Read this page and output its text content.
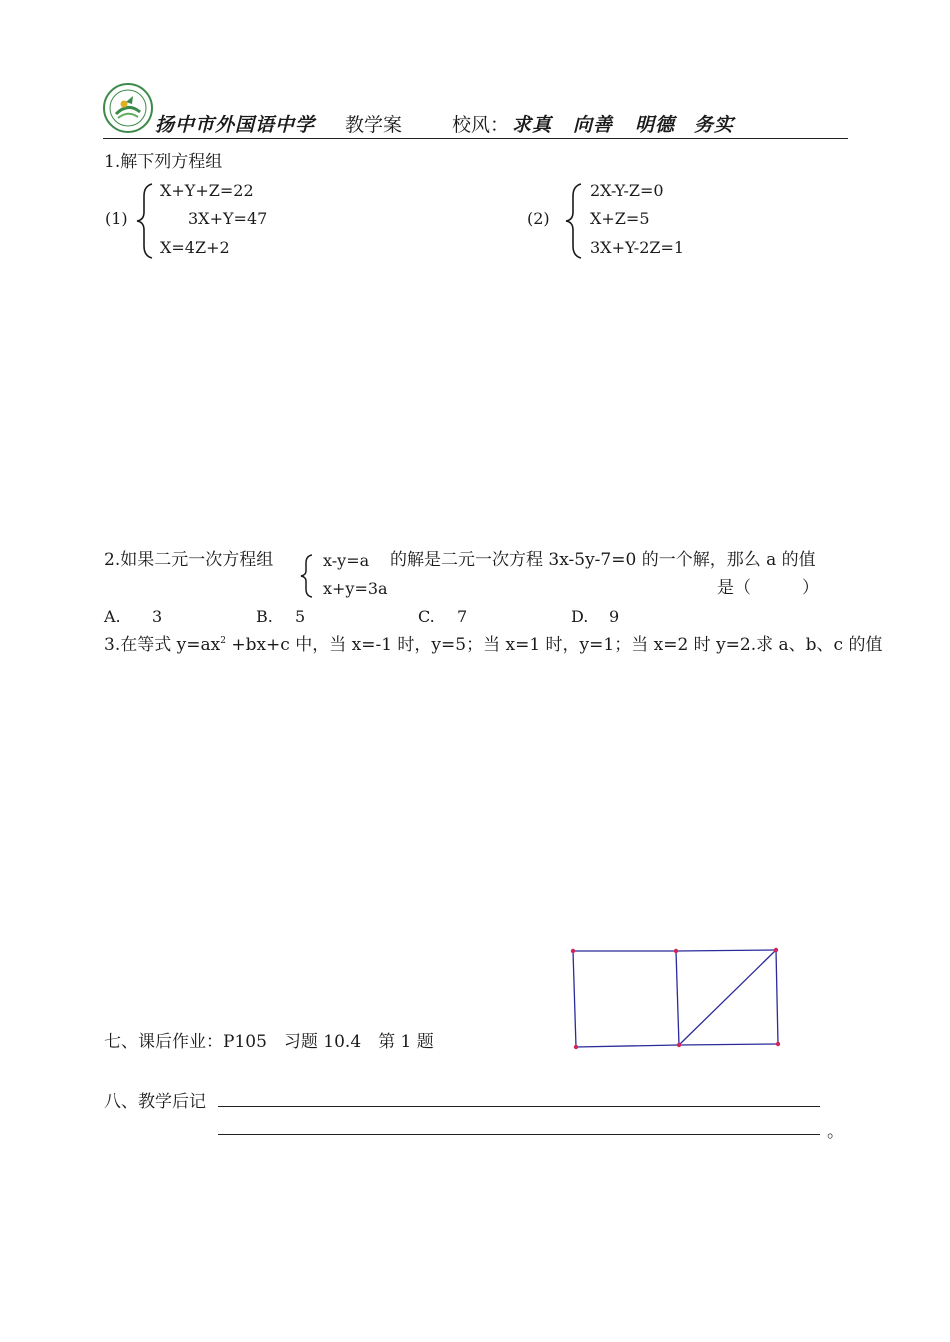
扬中市外国语中学 教学案	校风： 求真 向善 明德 务实
1.解下列方程组
(1)
X+Y+Z=22
3X+Y=47
X=4Z+2
(2)
2X-Y-Z=0
X+Z=5
3X+Y-2Z=1
2.如果二元一次方程组	x-y=a
x+y=3a
的解是二元一次方程 3x-5y-7=0 的一个解，那么 a 的值
是（　　　）
A. 3	B. 5	C. 7	D. 9
3.在等式 $y=ax^2 +bx+c$ 中，当 x=-1 时，y=5；当 x=1 时，y=1；当 x=2 时 y=2.求 a、b、c 的值
七、课后作业：P105　习题 10.4　第 1 题
八、教学后记
。
